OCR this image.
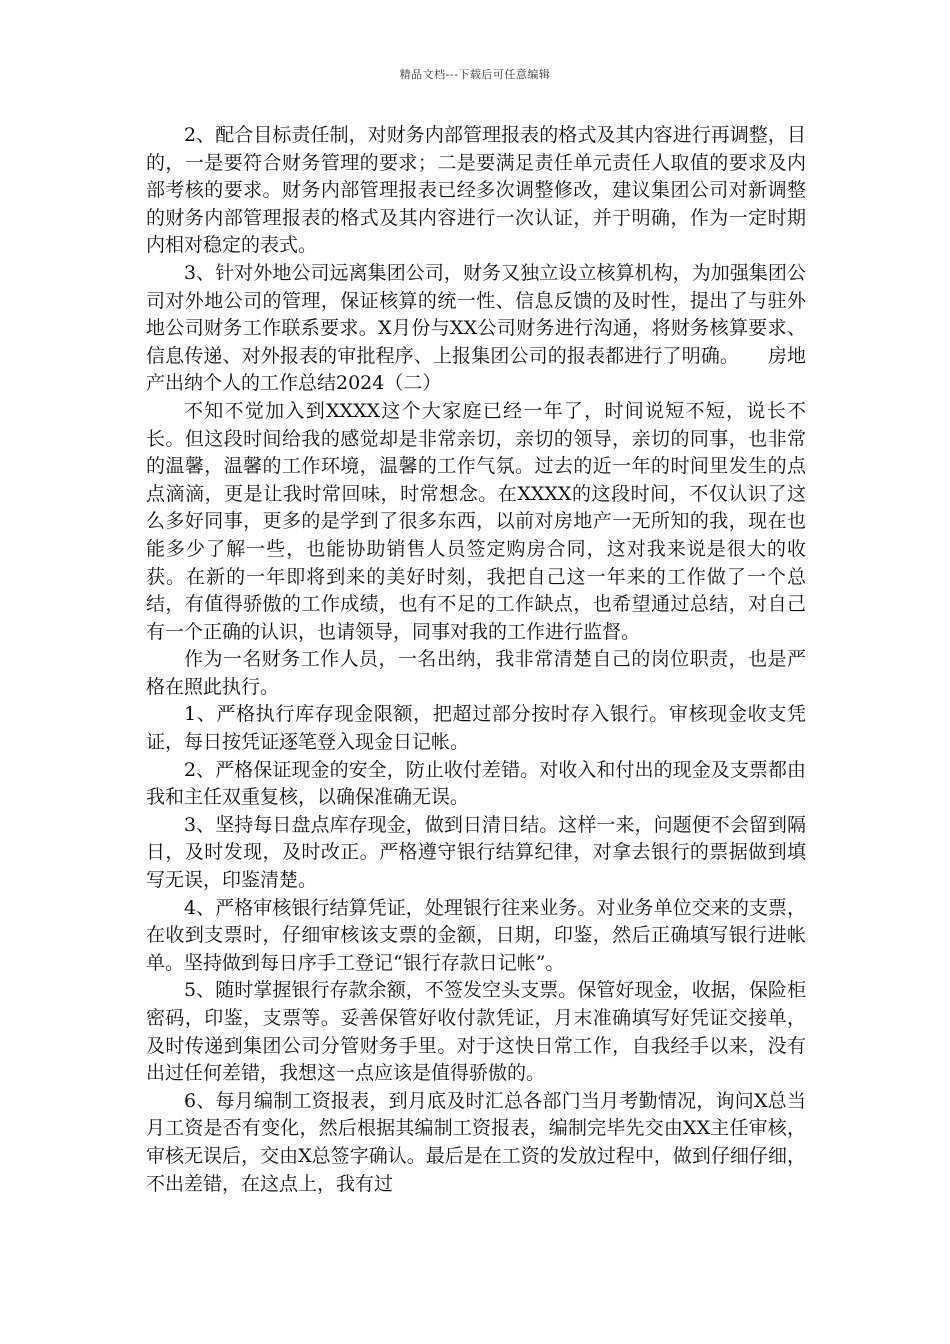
精品文档---下载后可任意编辑

2、配合目标责任制，对财务内部管理报表的格式及其内容进行再调整，目的，一是要符合财务管理的要求；二是要满足责任单元责任人取值的要求及内部考核的要求。财务内部管理报表已经多次调整修改，建议集团公司对新调整的财务内部管理报表的格式及其内容进行一次认证，并于明确，作为一定时期内相对稳定的表式。

3、针对外地公司远离集团公司，财务又独立设立核算机构，为加强集团公司对外地公司的管理，保证核算的统一性、信息反馈的及时性，提出了与驻外地公司财务工作联系要求。X月份与XX公司财务进行沟通，将财务核算要求、信息传递、对外报表的审批程序、上报集团公司的报表都进行了明确。　　房地产出纳个人的工作总结2024（二）

不知不觉加入到XXXX这个大家庭已经一年了，时间说短不短，说长不长。但这段时间给我的感觉却是非常亲切，亲切的领导，亲切的同事，也非常的温馨，温馨的工作环境，温馨的工作气氛。过去的近一年的时间里发生的点点滴滴，更是让我时常回味，时常想念。在XXXX的这段时间，不仅认识了这么多好同事，更多的是学到了很多东西，以前对房地产一无所知的我，现在也能多少了解一些，也能协助销售人员签定购房合同，这对我来说是很大的收获。在新的一年即将到来的美好时刻，我把自己这一年来的工作做了一个总结，有值得骄傲的工作成绩，也有不足的工作缺点，也希望通过总结，对自己有一个正确的认识，也请领导，同事对我的工作进行监督。

作为一名财务工作人员，一名出纳，我非常清楚自己的岗位职责，也是严格在照此执行。

1、严格执行库存现金限额，把超过部分按时存入银行。审核现金收支凭证，每日按凭证逐笔登入现金日记帐。

2、严格保证现金的安全，防止收付差错。对收入和付出的现金及支票都由我和主任双重复核，以确保准确无误。

3、坚持每日盘点库存现金，做到日清日结。这样一来，问题便不会留到隔日，及时发现，及时改正。严格遵守银行结算纪律，对拿去银行的票据做到填写无误，印鉴清楚。

4、严格审核银行结算凭证，处理银行往来业务。对业务单位交来的支票，在收到支票时，仔细审核该支票的金额，日期，印鉴，然后正确填写银行进帐单。坚持做到每日序手工登记“银行存款日记帐”。

5、随时掌握银行存款余额，不签发空头支票。保管好现金，收据，保险柜密码，印鉴，支票等。妥善保管好收付款凭证，月末准确填写好凭证交接单，及时传递到集团公司分管财务手里。对于这快日常工作，自我经手以来，没有出过任何差错，我想这一点应该是值得骄傲的。

6、每月编制工资报表，到月底及时汇总各部门当月考勤情况，询问X总当月工资是否有变化，然后根据其编制工资报表，编制完毕先交由XX主任审核，审核无误后，交由X总签字确认。最后是在工资的发放过程中，做到仔细仔细，不出差错，在这点上，我有过
